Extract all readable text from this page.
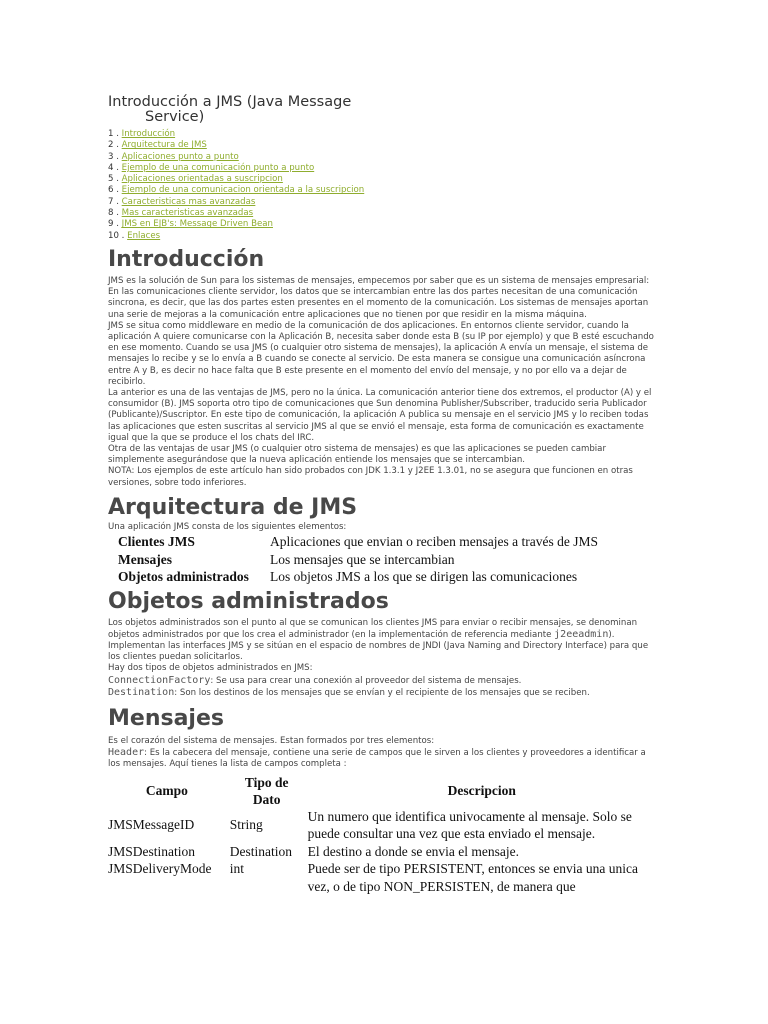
Introducción a JMS (Java Message
Service)
1 . Introducción
2 . Arquitectura de JMS
3 . Aplicaciones punto a punto
4 . Ejemplo de una comunicación punto a punto
5 . Aplicaciones orientadas a suscripcion
6 . Ejemplo de una comunicacion orientada a la suscripcion
7 . Caracteristicas mas avanzadas
8 . Mas caracteristicas avanzadas
9 . JMS en EJB's: Message Driven Bean
10 . Enlaces
Introducción

JMS es la solución de Sun para los sistemas de mensajes, empecemos por saber que es un sistema de mensajes empresarial:

En las comunicaciones cliente servidor, los datos que se intercambian entre las dos partes necesitan de una comunicación sincrona, es decir, que las dos partes esten presentes en el momento de la comunicación. Los sistemas de mensajes aportan una serie de mejoras a la comunicación entre aplicaciones que no tienen por que residir en la misma máquina.

JMS se situa como middleware en medio de la comunicación de dos aplicaciones. En entornos cliente servidor, cuando la aplicación A quiere comunicarse con la Aplicación B, necesita saber donde esta B (su IP por ejemplo) y que B esté escuchando en ese momento. Cuando se usa JMS (o cualquier otro sistema de mensajes), la aplicación A envía un mensaje, el sistema de mensajes lo recibe y se lo envía a B cuando se conecte al servicio. De esta manera se consigue una comunicación asíncrona entre A y B, es decir no hace falta que B este presente en el momento del envío del mensaje, y no por ello va a dejar de recibirlo.

La anterior es una de las ventajas de JMS, pero no la única. La comunicación anterior tiene dos extremos, el productor (A) y el consumidor (B). JMS soporta otro tipo de comunicaciones que Sun denomina Publisher/Subscriber, traducido seria Publicador (Publicante)/Suscriptor. En este tipo de comunicación, la aplicación A publica su mensaje en el servicio JMS y lo reciben todas las aplicaciones que esten suscritas al servicio JMS al que se envió el mensaje, esta forma de comunicación es exactamente igual que la que se produce el los chats del IRC.

Otra de las ventajas de usar JMS (o cualquier otro sistema de mensajes) es que las aplicaciones se pueden cambiar simplemente asegurándose que la nueva aplicación entiende los mensajes que se intercambian.

NOTA: Los ejemplos de este artículo han sido probados con JDK 1.3.1 y J2EE 1.3.01, no se asegura que funcionen en otras versiones, sobre todo inferiores.

Arquitectura de JMS

Una aplicación JMS consta de los siguientes elementos:

Clientes JMS	Aplicaciones que envian o reciben mensajes a través de JMS
Mensajes	Los mensajes que se intercambian
Objetos administrados	Los objetos JMS a los que se dirigen las comunicaciones
Objetos administrados

Los objetos administrados son el punto al que se comunican los clientes JMS para enviar o recibir mensajes, se denominan objetos administrados por que los crea el administrador (en la implementación de referencia mediante j2eeadmin). Implementan las interfaces JMS y se sitúan en el espacio de nombres de JNDI (Java Naming and Directory Interface) para que los clientes puedan solicitarlos.

Hay dos tipos de objetos administrados en JMS:

ConnectionFactory: Se usa para crear una conexión al proveedor del sistema de mensajes.

Destination: Son los destinos de los mensajes que se envían y el recipiente de los mensajes que se reciben.

Mensajes

Es el corazón del sistema de mensajes. Estan formados por tres elementos:

Header: Es la cabecera del mensaje, contiene una serie de campos que le sirven a los clientes y proveedores a identificar a los mensajes. Aquí tienes la lista de campos completa :

Campo	Tipo de Dato	Descripcion
JMSMessageID	String	Un numero que identifica univocamente al mensaje. Solo se puede consultar una vez que esta enviado el mensaje.
JMSDestination	Destination	El destino a donde se envia el mensaje.
JMSDeliveryMode	int	Puede ser de tipo PERSISTENT, entonces se envia una unica vez, o de tipo NON_PERSISTEN, de manera que
